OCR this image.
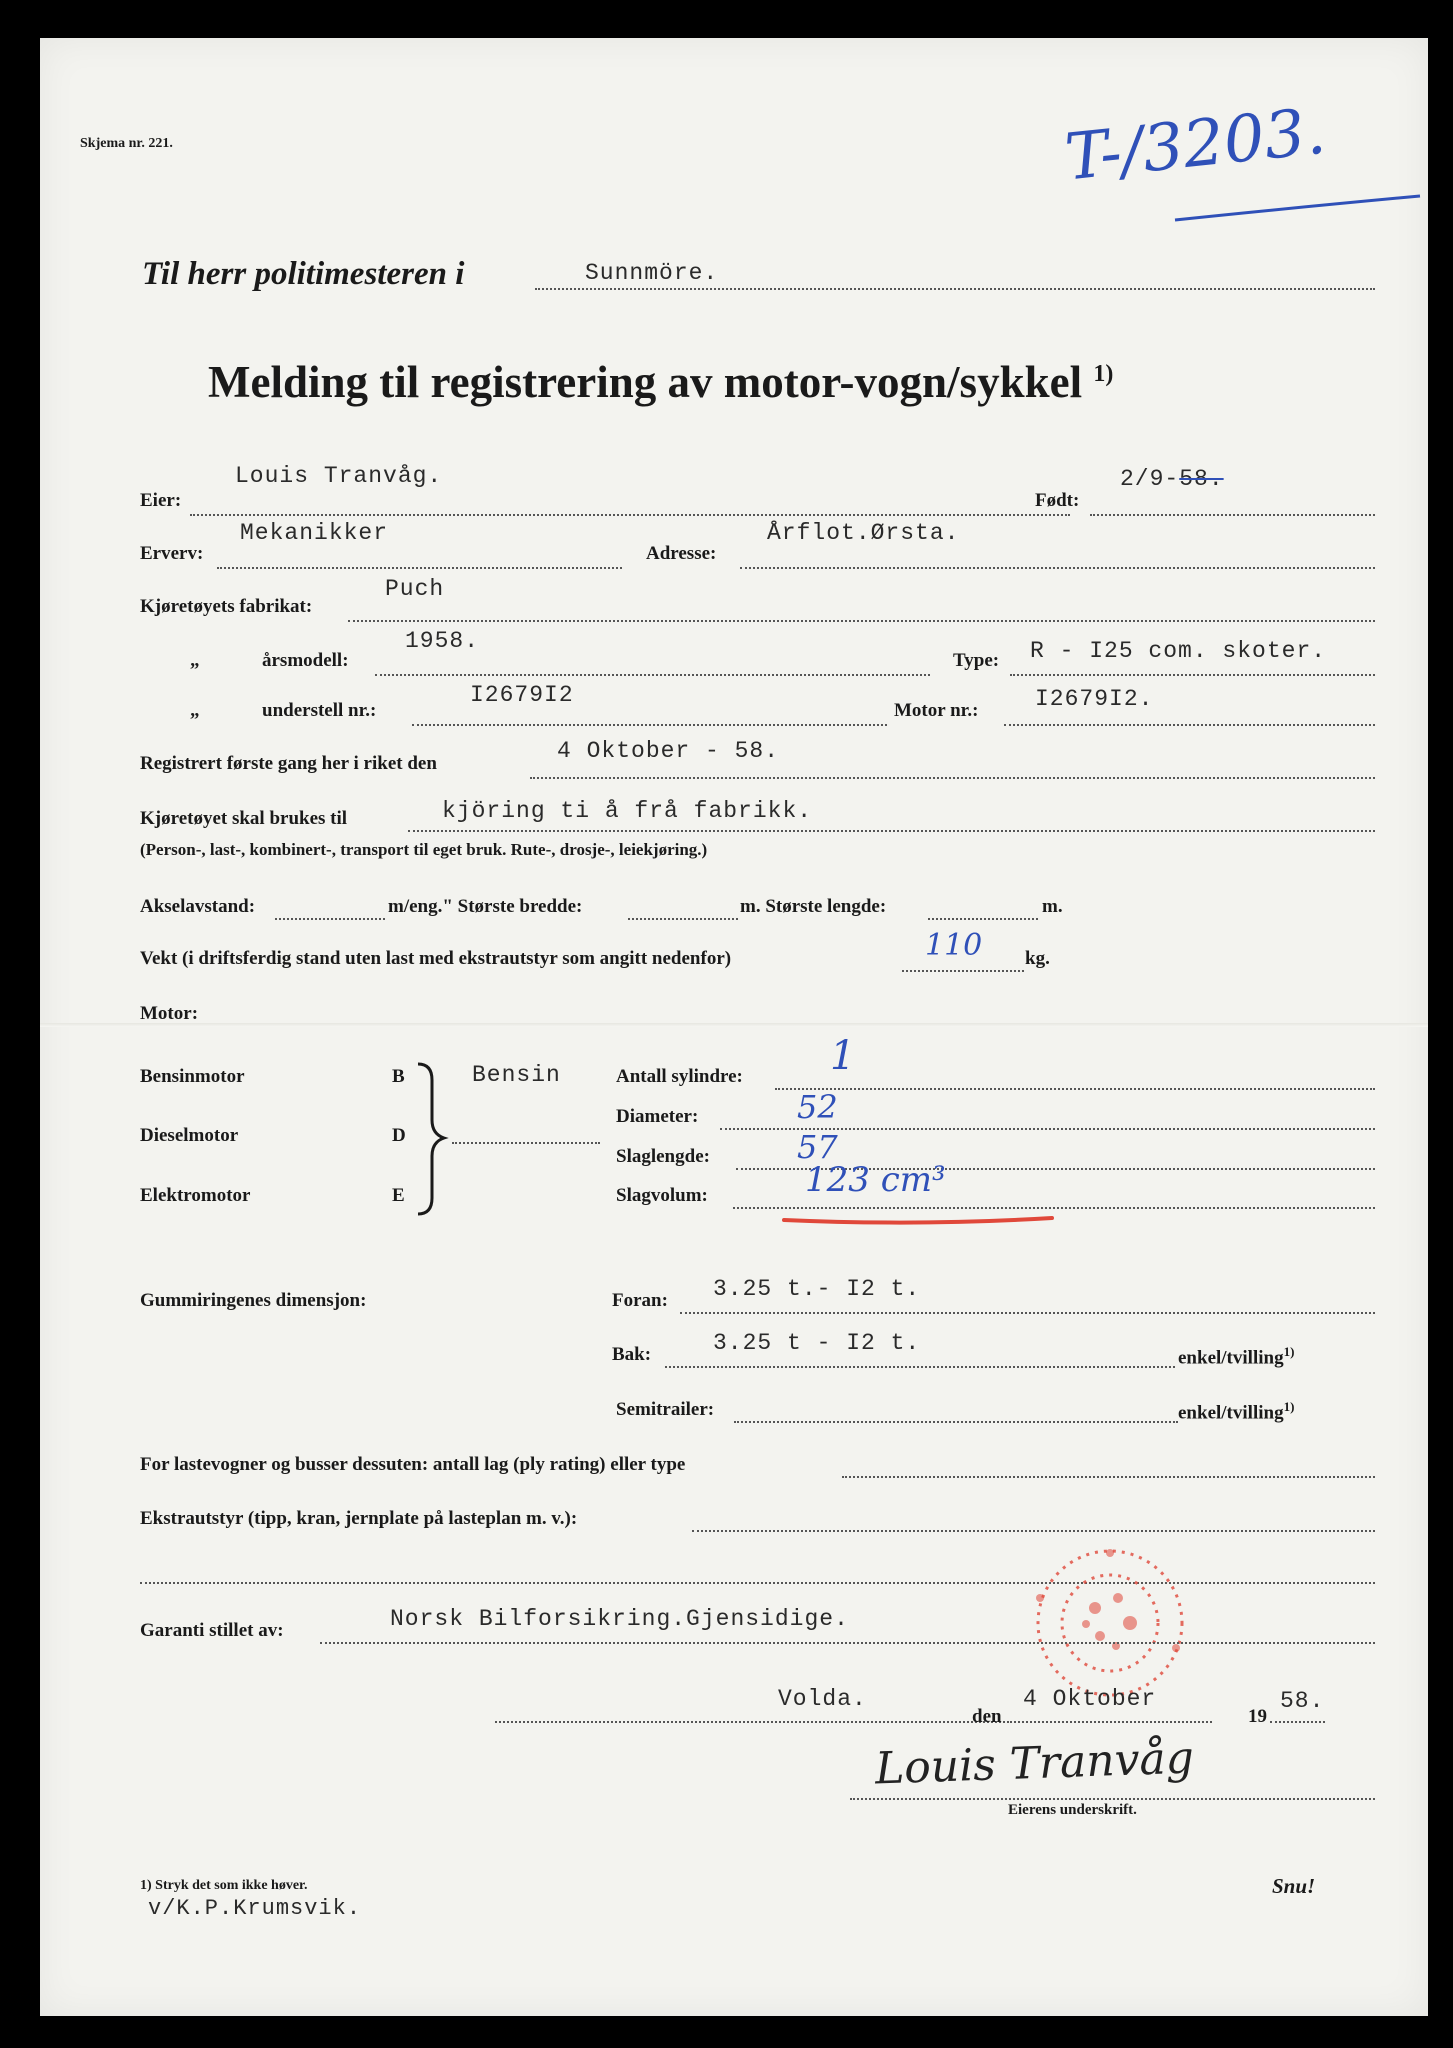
Skjema nr. 221.	T-/3203.
Til herr politimesteren i	Sunnmöre.
Melding til registrering av motor-vogn/sykkel $^{1)}$
Eier:
Louis Tranvåg.
Født:
2/9-58.
Erverv:
Mekanikker
Adresse:
Årflot.Ørsta.
Kjøretøyets fabrikat:
Puch
„	årsmodell:
1958.
Type: R - I25 com. skoter.
„	understell nr.:
I2679I2
Motor nr.: I2679I2.
Registrert første gang her i riket den	4 Oktober - 58.
Kjøretøyet skal brukes til	kjöring ti å frå fabrikk.
(Person-, last-, kombinert-, transport til eget bruk. Rute-, drosje-, leiekjøring.)
Akselavstand:	m/eng." Største bredde:	m. Største lengde:	m.
Vekt (i driftsferdig stand uten last med ekstrautstyr som angitt nedenfor)	110 kg.
Motor:
Bensinmotor	B
Dieselmotor	D
Elektromotor	E
Bensin	Antall sylindre: 1
Diameter:	52
Slaglengde:	57
Slagvolum:	123 cm³
Gummiringenes dimensjon:	Foran: 3.25 t.- I2 t.
Bak:	3.25 t - I2 t.
enkel/tvilling$^{1)}$
Semitrailer:	enkel/tvilling$^{1)}$
For lastevogner og busser dessuten: antall lag (ply rating) eller type
Ekstrautstyr (tipp, kran, jernplate på lasteplan m. v.):
Garanti stillet av:	Norsk Bilforsikring.Gjensidige.
Volda.
den
4 Oktober
19
58.
Louis Tranvåg
Eierens underskrift.
1) Stryk det som ikke høver.	Snu!
v/K.P.Krumsvik.
